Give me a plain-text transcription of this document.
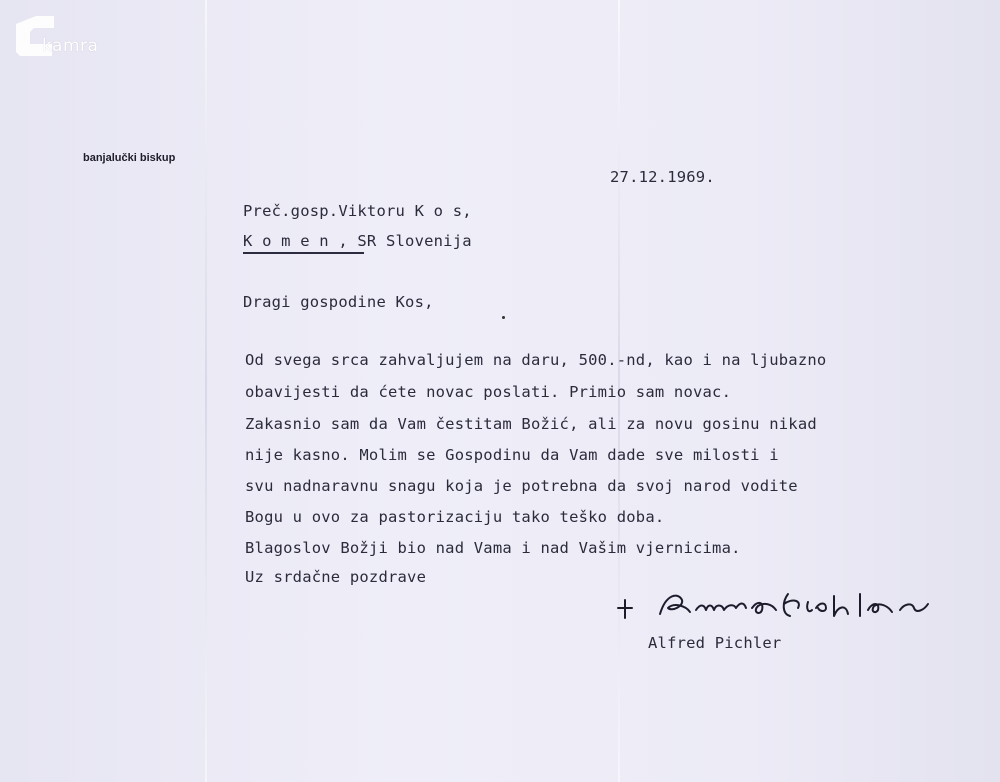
kamra
banjalučki biskup
27.12.1969.
Preč.gosp.Viktoru K o s,
K o m e n , SR Slovenija
Dragi gospodine Kos,
Od svega srca zahvaljujem na daru, 500.-nd, kao i na ljubazno
obavijesti da ćete novac poslati. Primio sam novac.
Zakasnio sam da Vam čestitam Božić, ali za novu gosinu nikad
nije kasno. Molim se Gospodinu da Vam dade sve milosti i
svu nadnaravnu snagu koja je potrebna da svoj narod vodite
Bogu u ovo za pastorizaciju tako teško doba.
Blagoslov Božji bio nad Vama i nad Vašim vjernicima.
Uz srdačne pozdrave
Alfred Pichler
